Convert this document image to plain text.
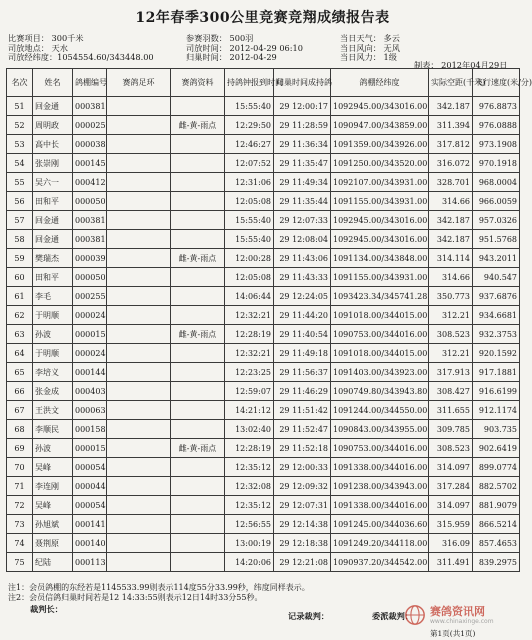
12年春季300公里竞赛竞翔成绩报告表
比赛项目： 300千米
司放地点： 天水
司放经纬度：1054554.60/343448.00
参赛羽数： 500羽
司放时间： 2012-04-29 06:10
归巢时间： 2012-04-29
当日天气： 多云
当日风向： 无风
当日风力： 1级
制表： 2012年04月29日
名次	姓名	鸽棚编号	赛鸽足环	赛鸽资料	持鸽钟报到时间	归巢时间成持鸽	鸽棚经纬度	实际空距(千米)	飞行速度(米/分)
51	回金通	000381			15:55:40	29 12:00:17	1092945.00/343016.00	342.187	976.8873
52	周明政	000025		雌-黄-雨点	12:29:50	29 11:28:59	1090947.00/343859.00	311.394	976.0888
53	高中长	000038			12:46:27	29 11:36:34	1091359.00/343926.00	317.812	973.1908
54	张崇刚	000145			12:07:52	29 11:35:47	1091250.00/343520.00	316.072	970.1918
55	吴六一	000412			12:31:06	29 11:49:34	1092107.00/343931.00	328.701	968.0004
56	田和平	000050			12:05:08	29 11:35:44	1091155.00/343931.00	314.66	966.0059
57	回金通	000381			15:55:40	29 12:07:33	1092945.00/343016.00	342.187	957.0326
58	回金通	000381			15:55:40	29 12:08:04	1092945.00/343016.00	342.187	951.5768
59	樊瑞杰	000039		雌-黄-雨点	12:00:28	29 11:43:06	1091134.00/343848.00	314.114	943.2011
60	田和平	000050			12:05:08	29 11:43:33	1091155.00/343931.00	314.66	940.547
61	李毛	000255			14:06:44	29 12:24:05	1093423.34/345741.28	350.773	937.6876
62	于明顺	000024			12:32:21	29 11:44:20	1091018.00/344015.00	312.21	934.6681
63	孙波	000015		雌-黄-雨点	12:28:19	29 11:40:54	1090753.00/344016.00	308.523	932.3753
64	于明顺	000024			12:32:21	29 11:49:18	1091018.00/344015.00	312.21	920.1592
65	李培义	000144			12:23:25	29 11:56:37	1091403.00/343923.00	317.913	917.1881
66	张金成	000403			12:59:07	29 11:46:29	1090749.80/343943.80	308.427	916.6199
67	王洪文	000063			14:21:12	29 11:51:42	1091244.00/344550.00	311.655	912.1174
68	李顺民	000158			13:02:40	29 11:52:47	1090843.00/343955.00	309.785	903.735
69	孙波	000015		雌-黄-雨点	12:28:19	29 11:52:18	1090753.00/344016.00	308.523	902.6419
70	吴峰	000054			12:35:12	29 12:00:33	1091338.00/344016.00	314.097	899.0774
71	李连刚	000044			12:32:08	29 12:09:32	1091238.00/343943.00	317.284	882.5702
72	吴峰	000054			12:35:12	29 12:07:31	1091338.00/344016.00	314.097	881.9079
73	孙旭斌	000141			12:56:55	29 12:14:38	1091245.00/344036.60	315.959	866.5214
74	聂荆原	000140			13:00:19	29 12:18:38	1091249.20/344118.00	316.09	857.4653
75	纪陆	000113			14:20:06	29 12:21:08	1090937.20/344542.00	311.491	839.2975
注1：会员鸽棚的东经若是1145533.99则表示114度55分33.99秒，纬度同样表示。
注2：会员信鸽归巢时间若是12 14:33:55则表示12日14时33分55秒。
裁判长：
记录裁判：	委派裁判： 赛鸽资讯网
www.chinaxinge.com
第1页(共1页)
